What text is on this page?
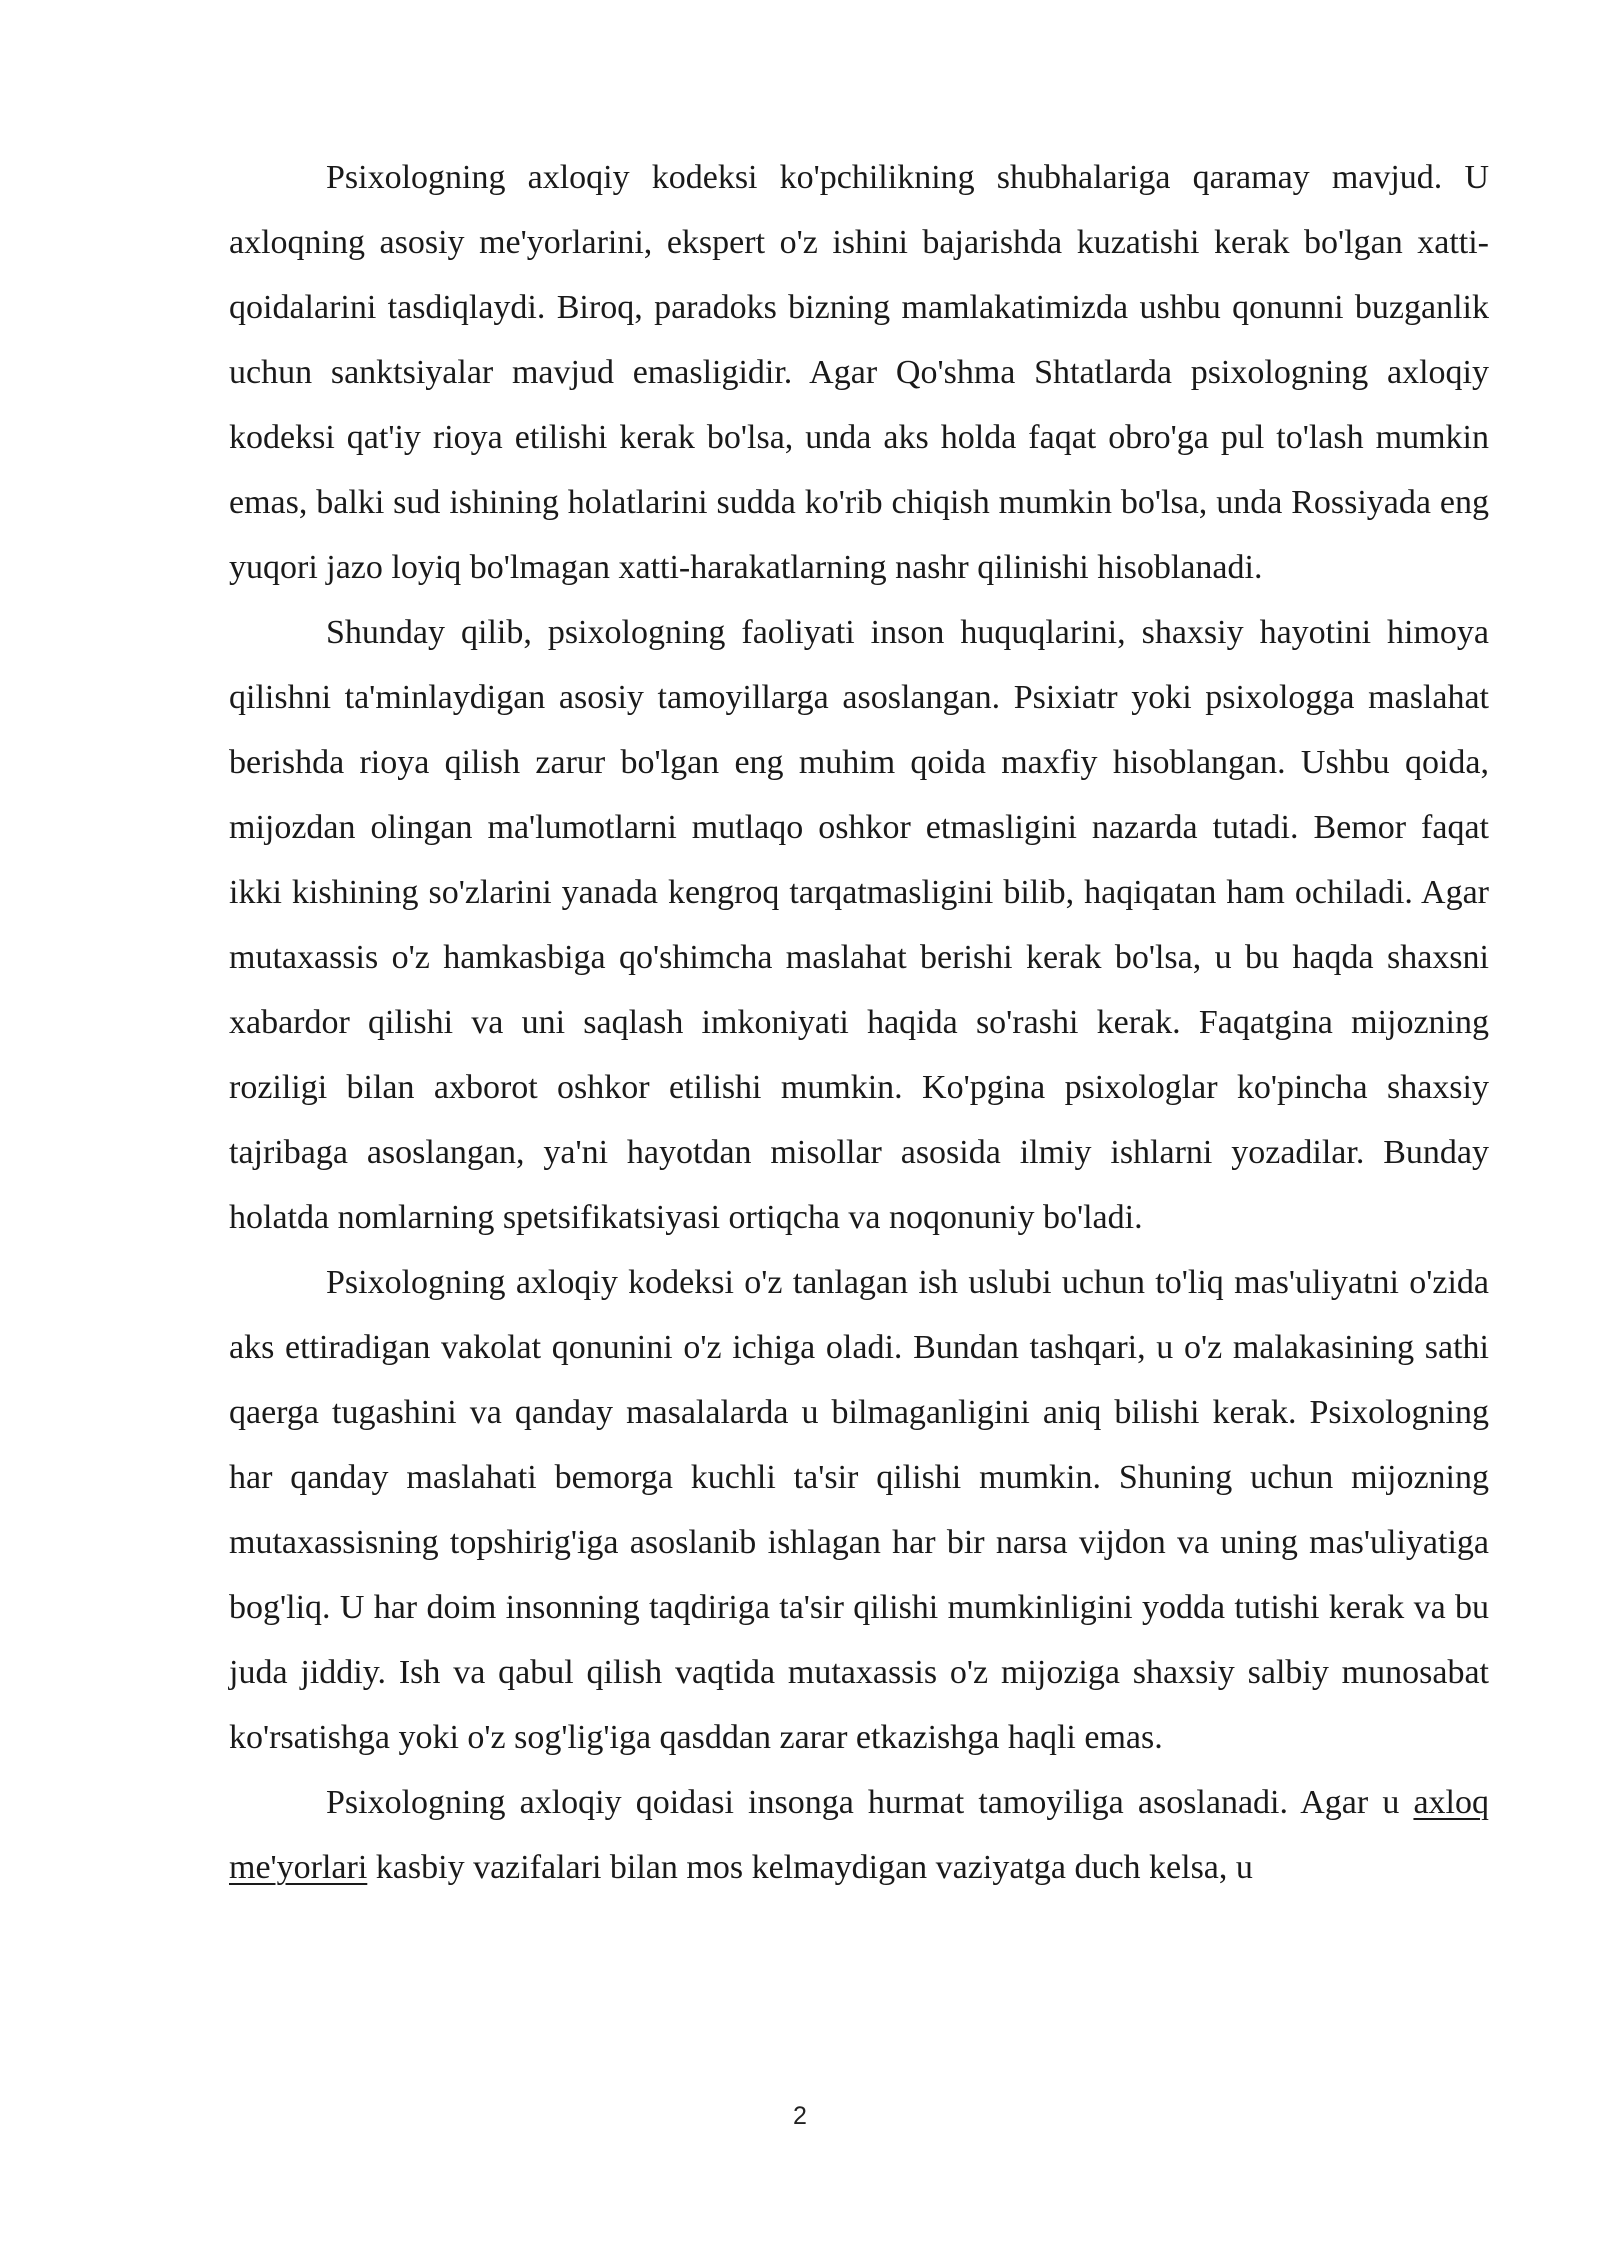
Psixologning axloqiy kodeksi ko'pchilikning shubhalariga qaramay mavjud. U axloqning asosiy me'yorlarini, ekspert o'z ishini bajarishda kuzatishi kerak bo'lgan xatti-qoidalarini tasdiqlaydi. Biroq, paradoks bizning mamlakatimizda ushbu qonunni buzganlik uchun sanktsiyalar mavjud emasligidir. Agar Qo'shma Shtatlarda psixologning axloqiy kodeksi qat'iy rioya etilishi kerak bo'lsa, unda aks holda faqat obro'ga pul to'lash mumkin emas, balki sud ishining holatlarini sudda ko'rib chiqish mumkin bo'lsa, unda Rossiyada eng yuqori jazo loyiq bo'lmagan xatti-harakatlarning nashr qilinishi hisoblanadi.

Shunday qilib, psixologning faoliyati inson huquqlarini, shaxsiy hayotini himoya qilishni ta'minlaydigan asosiy tamoyillarga asoslangan. Psixiatr yoki psixologga maslahat berishda rioya qilish zarur bo'lgan eng muhim qoida maxfiy hisoblangan. Ushbu qoida, mijozdan olingan ma'lumotlarni mutlaqo oshkor etmasligini nazarda tutadi. Bemor faqat ikki kishining so'zlarini yanada kengroq tarqatmasligini bilib, haqiqatan ham ochiladi. Agar mutaxassis o'z hamkasbiga qo'shimcha maslahat berishi kerak bo'lsa, u bu haqda shaxsni xabardor qilishi va uni saqlash imkoniyati haqida so'rashi kerak. Faqatgina mijozning roziligi bilan axborot oshkor etilishi mumkin. Ko'pgina psixologlar ko'pincha shaxsiy tajribaga asoslangan, ya'ni hayotdan misollar asosida ilmiy ishlarni yozadilar. Bunday holatda nomlarning spetsifikatsiyasi ortiqcha va noqonuniy bo'ladi.

Psixologning axloqiy kodeksi o'z tanlagan ish uslubi uchun to'liq mas'uliyatni o'zida aks ettiradigan vakolat qonunini o'z ichiga oladi. Bundan tashqari, u o'z malakasining sathi qaerga tugashini va qanday masalalarda u bilmaganligini aniq bilishi kerak. Psixologning har qanday maslahati bemorga kuchli ta'sir qilishi mumkin. Shuning uchun mijozning mutaxassisning topshirig'iga asoslanib ishlagan har bir narsa vijdon va uning mas'uliyatiga bog'liq. U har doim insonning taqdiriga ta'sir qilishi mumkinligini yodda tutishi kerak va bu juda jiddiy. Ish va qabul qilish vaqtida mutaxassis o'z mijoziga shaxsiy salbiy munosabat ko'rsatishga yoki o'z sog'lig'iga qasddan zarar etkazishga haqli emas.

Psixologning axloqiy qoidasi insonga hurmat tamoyiliga asoslanadi. Agar u axloq me'yorlari kasbiy vazifalari bilan mos kelmaydigan vaziyatga duch kelsa, u

2
